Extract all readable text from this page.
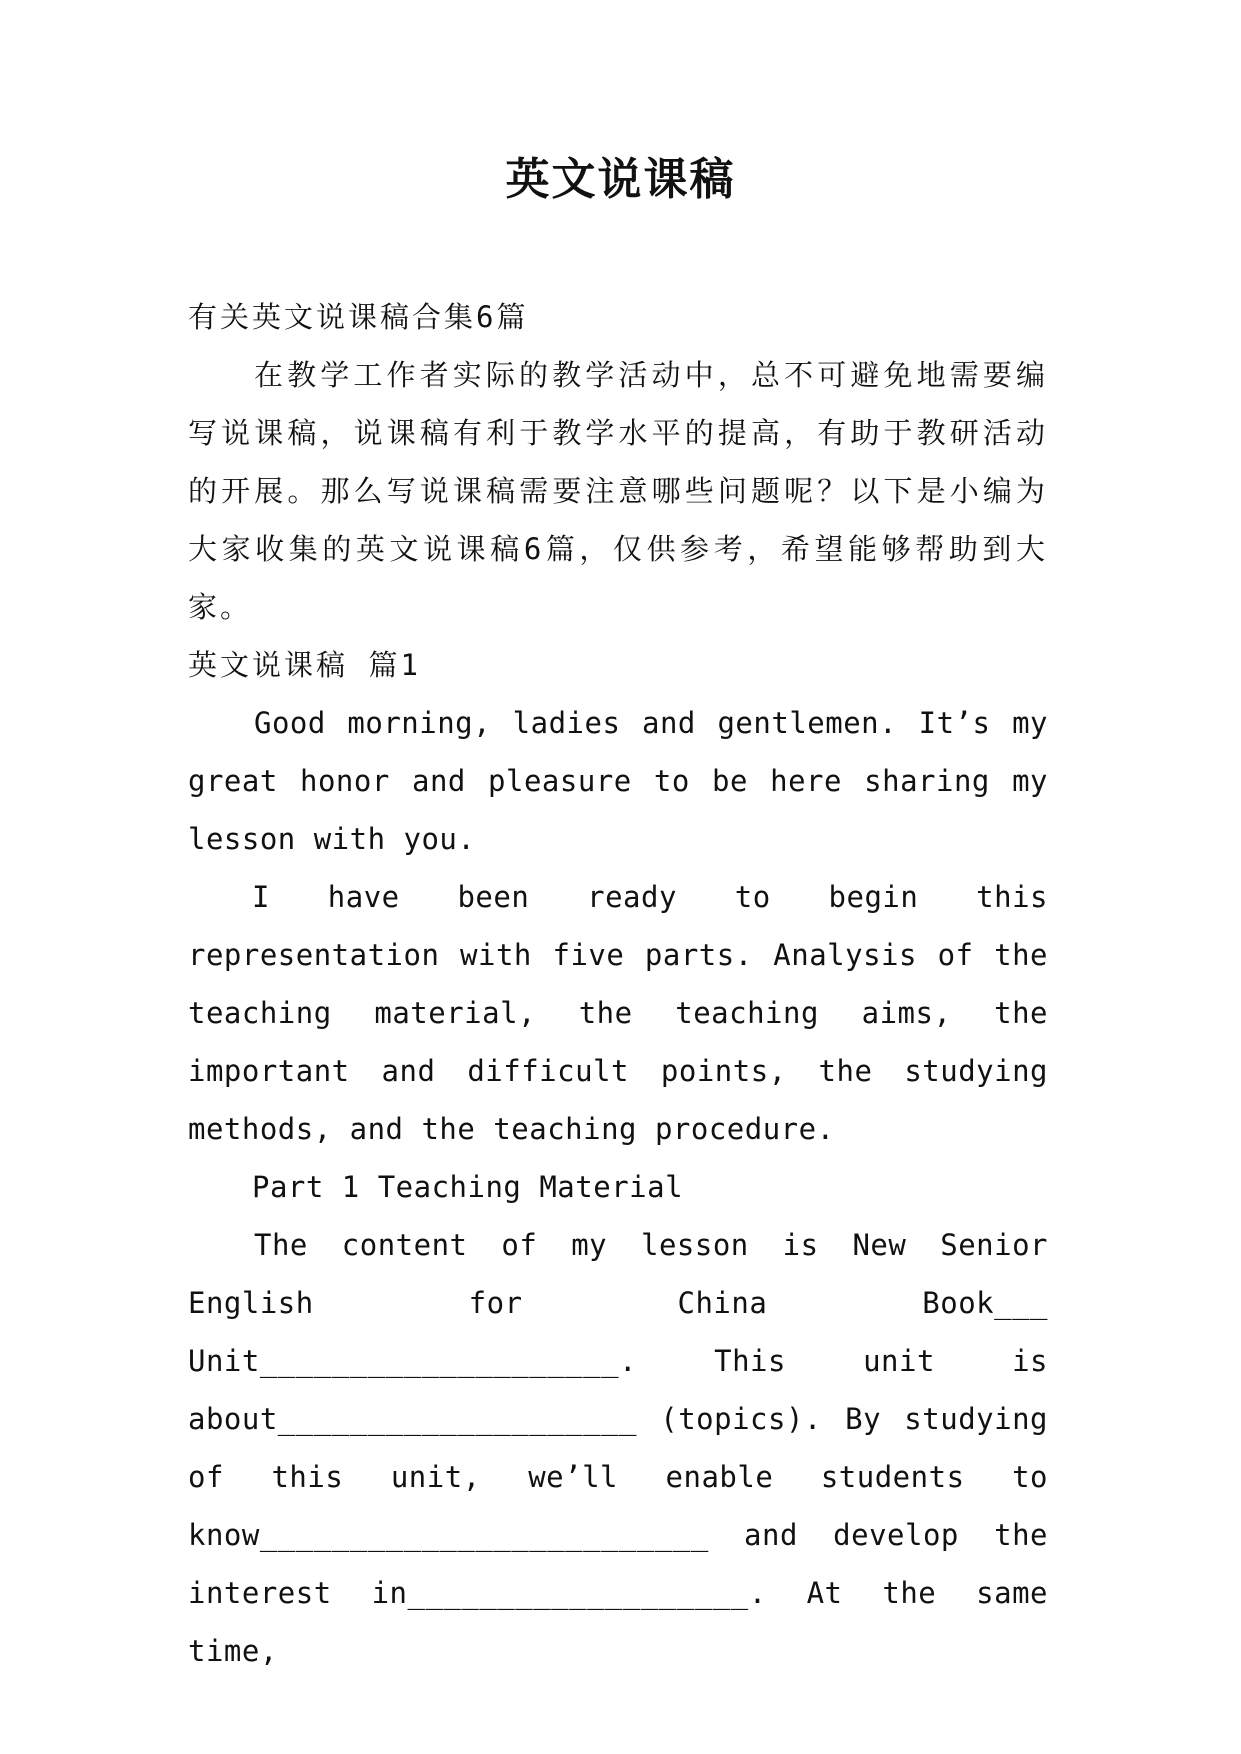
英文说课稿

有关英文说课稿合集6篇

在教学工作者实际的教学活动中，总不可避免地需要编写说课稿，说课稿有利于教学水平的提高，有助于教研活动的开展。那么写说课稿需要注意哪些问题呢？以下是小编为大家收集的英文说课稿6篇，仅供参考，希望能够帮助到大家。

英文说课稿 篇1

Good morning, ladies and gentlemen. It’s my great honor and pleasure to be here sharing my lesson with you.

I have been ready to begin this representation with five parts. Analysis of the teaching material, the teaching aims, the important and difficult points, the studying methods, and the teaching procedure.

Part 1 Teaching Material

The content of my lesson is New Senior English for China Book___ Unit____________________. This unit is about____________________ (topics). By studying of this unit, we’ll enable students to know_________________________ and develop the interest in___________________. At the same time,
